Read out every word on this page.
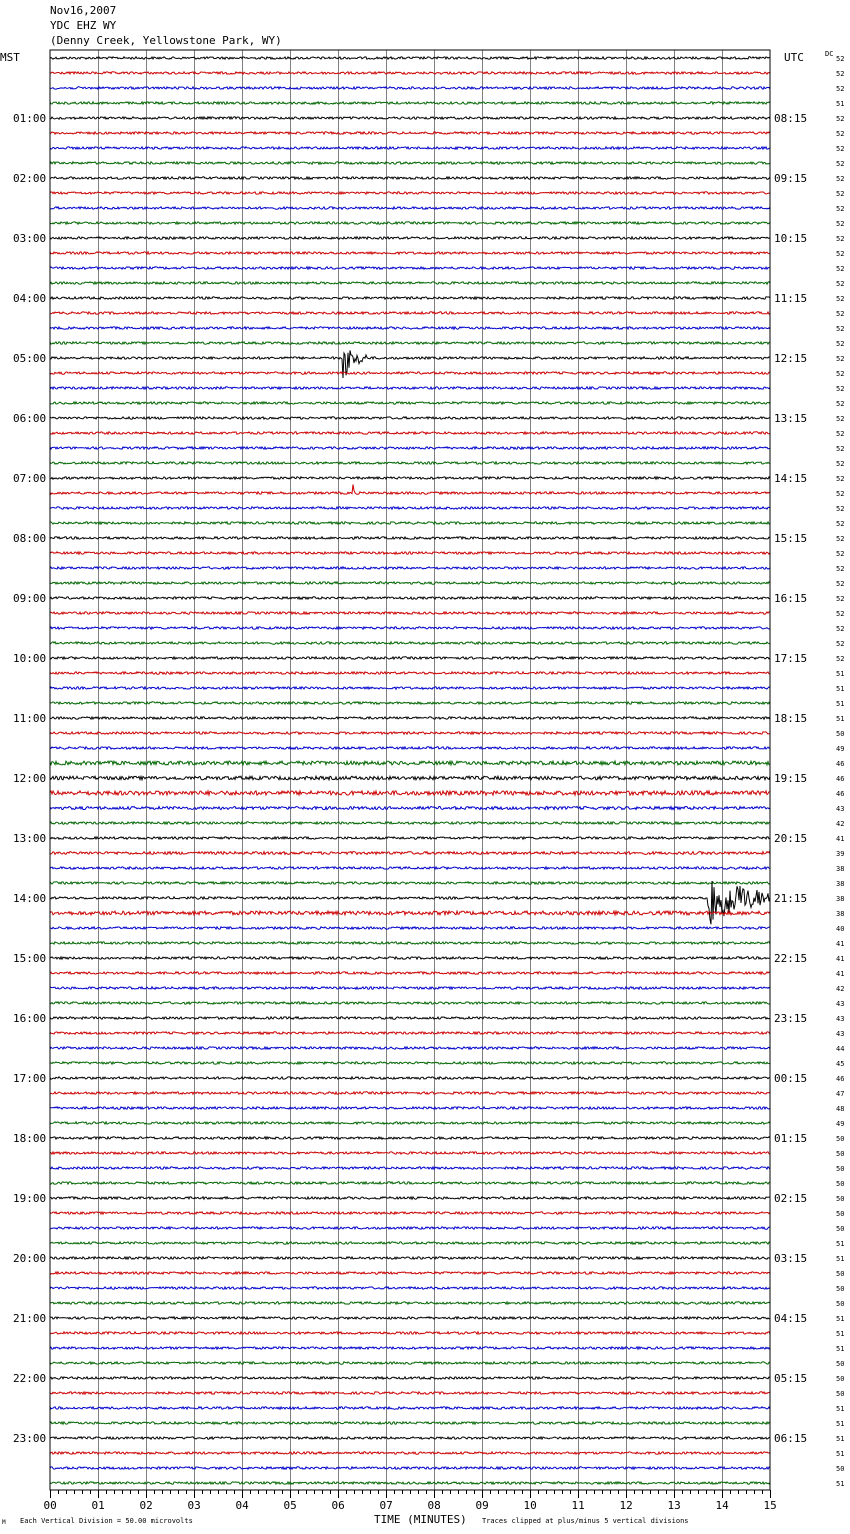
Nov16,2007
YDC EHZ WY
(Denny Creek, Yellowstone Park, WY)
01:00
02:00
03:00
04:00
05:00
06:00
07:00
08:00
09:00
10:00
11:00
12:00
13:00
14:00
15:00
16:00
17:00
18:00
19:00
20:00
21:00
22:00
23:00
08:15
09:15
10:15
11:15
12:15
13:15
14:15
15:15
16:15
17:15
18:15
19:15
20:15
21:15
22:15
23:15
00:15
01:15
02:15
03:15
04:15
05:15
06:15
52
52
52
51
52
52
52
52
52
52
52
52
52
52
52
52
52
52
52
52
52
52
52
52
52
52
52
52
52
52
52
52
52
52
52
52
52
52
52
52
52
51
51
51
51
50
49
46
46
46
43
42
41
39
38
38
38
38
40
41
41
41
42
43
43
43
44
45
46
47
48
49
50
50
50
50
50
50
50
51
51
50
50
50
51
51
51
50
50
50
51
51
51
51
50
51
00	01	02	03	04	05	06	07	08	09	10	11	12	13	14	15
MST	UTC	DC
TIME (MINUTES)
Each Vertical Division = 50.00 microvolts	Traces clipped at plus/minus 5 vertical divisions
M
